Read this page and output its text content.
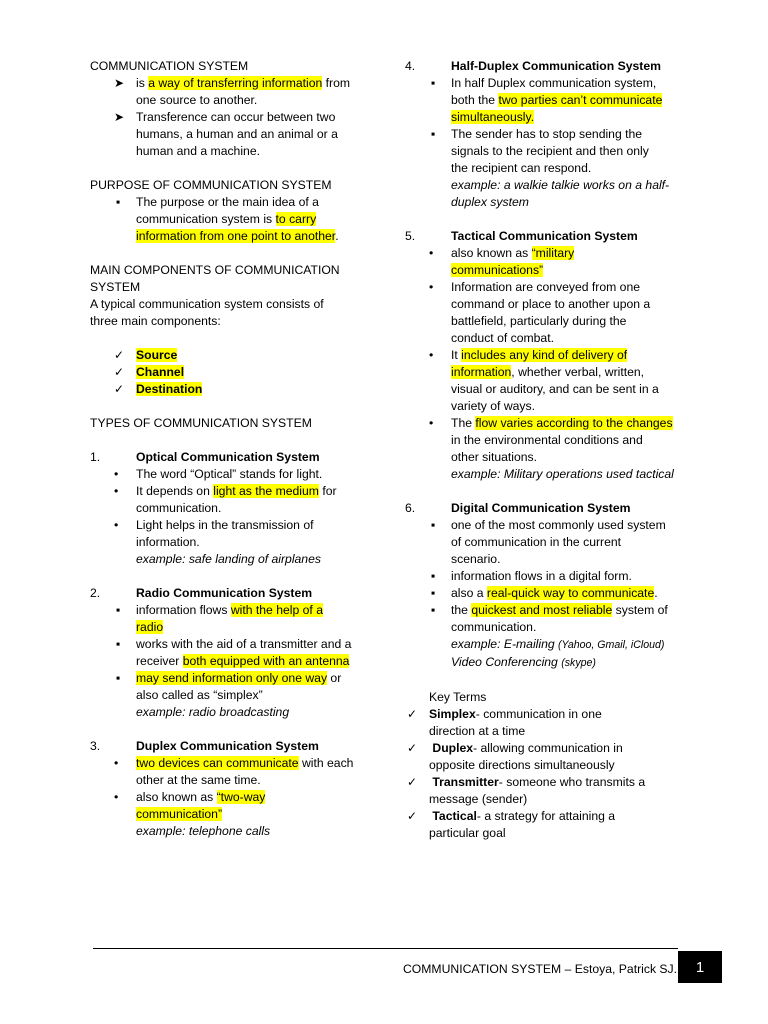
COMMUNICATION SYSTEM

➤ is a way of transferring information from

one source to another.

➤ Transference can occur between two

humans, a human and an animal or a

human and a machine.

PURPOSE OF COMMUNICATION SYSTEM

▪	The purpose or the main idea of a

communication system is to carry

information from one point to another.

MAIN COMPONENTS OF COMMUNICATION

SYSTEM

A typical communication system consists of

three main components:

✓ Source

✓ Channel

✓ Destination

TYPES OF COMMUNICATION SYSTEM

1.	Optical Communication System

•	The word “Optical” stands for light.

•	It depends on light as the medium for

communication.

•	Light helps in the transmission of

information.

example: safe landing of airplanes

2.	Radio Communication System

▪	information flows with the help of a

radio

▪	works with the aid of a transmitter and a

receiver both equipped with an antenna

▪	may send information only one way or

also called as “simplex”

example: radio broadcasting

3.	Duplex Communication System

•	two devices can communicate with each

other at the same time.

•	also known as “two-way

communication”

example: telephone calls

4.	Half-Duplex Communication System

▪	In half Duplex communication system,

both the two parties can’t communicate

simultaneously.

▪	The sender has to stop sending the

signals to the recipient and then only

the recipient can respond.

example: a walkie talkie works on a half-

duplex system

5.	Tactical Communication System

•	also known as “military

communications”

•	Information are conveyed from one

command or place to another upon a

battlefield, particularly during the

conduct of combat.

•	It includes any kind of delivery of

information, whether verbal, written,

visual or auditory, and can be sent in a

variety of ways.

•	The flow varies according to the changes

in the environmental conditions and

other situations.

example: Military operations used tactical

6.	Digital Communication System

▪	one of the most commonly used system

of communication in the current

scenario.

▪	information flows in a digital form.

▪	also a real-quick way to communicate.

▪	the quickest and most reliable system of

communication.

example: E-mailing (Yahoo, Gmail, iCloud)

Video Conferencing (skype)

Key Terms

✓ Simplex- communication in one

direction at a time

✓	Duplex- allowing communication in

opposite directions simultaneously

✓	Transmitter- someone who transmits a

message (sender)

✓	Tactical- a strategy for attaining a

particular goal

COMMUNICATION SYSTEM – Estoya, Patrick SJ.	1
